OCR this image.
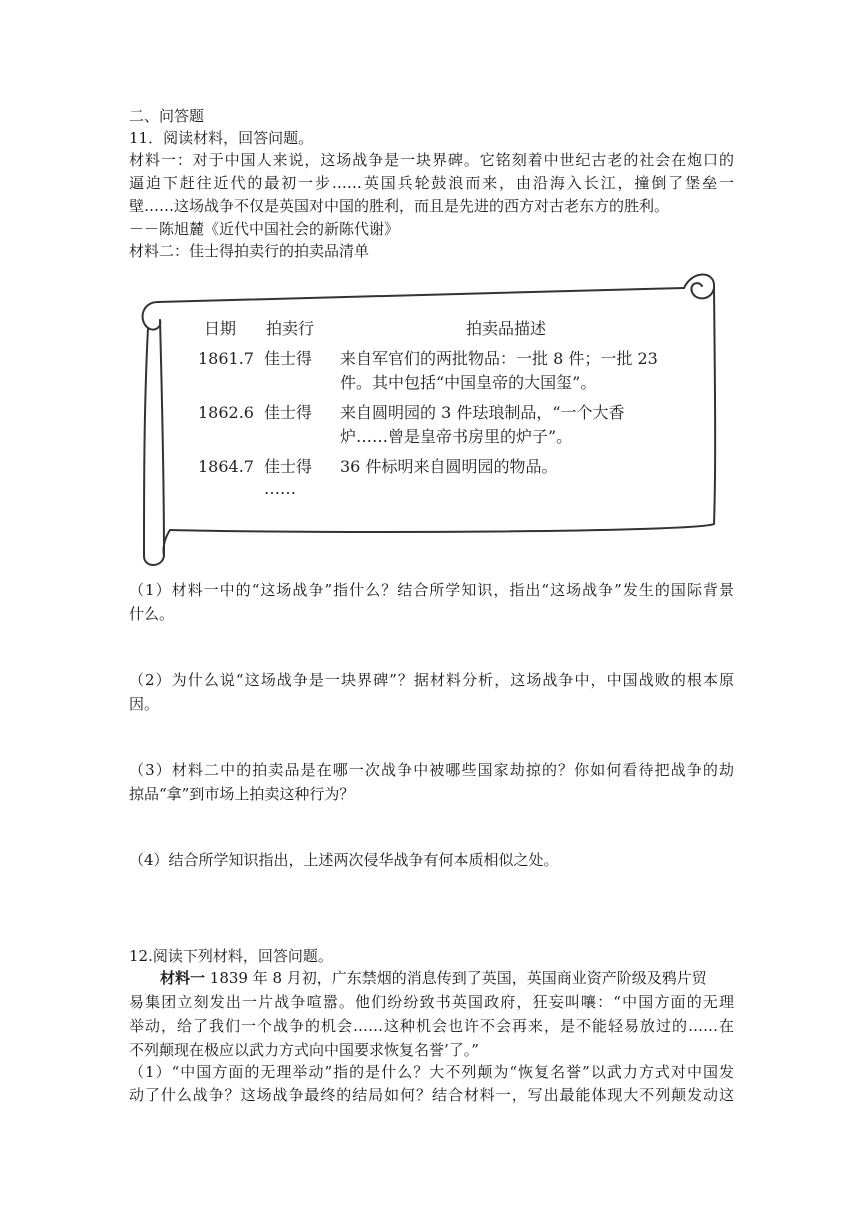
二、问答题
11．阅读材料，回答问题。
材料一：对于中国人来说，这场战争是一块界碑。它铭刻着中世纪古老的社会在炮口的
逼迫下赶往近代的最初一步……英国兵轮鼓浪而来，由沿海入长江，撞倒了堡垒一
壁……这场战争不仅是英国对中国的胜利，而且是先进的西方对古老东方的胜利。
－－陈旭麓《近代中国社会的新陈代谢》
材料二：佳士得拍卖行的拍卖品清单
日期 拍卖行	拍卖品描述
1861.7 佳士得 来自军官们的两批物品：一批 8 件；一批 23
件。其中包括“中国皇帝的大国玺”。
1862.6 佳士得 来自圆明园的 3 件珐琅制品，“一个大香
炉……曾是皇帝书房里的炉子”。
1864.7 佳士得 36 件标明来自圆明园的物品。
……
（1）材料一中的“这场战争”指什么？结合所学知识，指出“这场战争”发生的国际背景
什么。
（2）为什么说“这场战争是一块界碑”？据材料分析，这场战争中，中国战败的根本原
因。
（3）材料二中的拍卖品是在哪一次战争中被哪些国家劫掠的？你如何看待把战争的劫
掠品“拿”到市场上拍卖这种行为？
（4）结合所学知识指出，上述两次侵华战争有何本质相似之处。
12.阅读下列材料，回答问题。
材料一 1839 年 8 月初，广东禁烟的消息传到了英国，英国商业资产阶级及鸦片贸
易集团立刻发出一片战争喧嚣。他们纷纷致书英国政府，狂妄叫嚷：“中国方面的无理
举动，给了我们一个战争的机会……这种机会也许不会再来，是不能轻易放过的……在
不列颠现在极应以武力方式向中国要求恢复名誉’了。”
（1）“中国方面的无理举动”指的是什么？大不列颠为“恢复名誉”以武力方式对中国发
动了什么战争？这场战争最终的结局如何？结合材料一，写出最能体现大不列颠发动这
